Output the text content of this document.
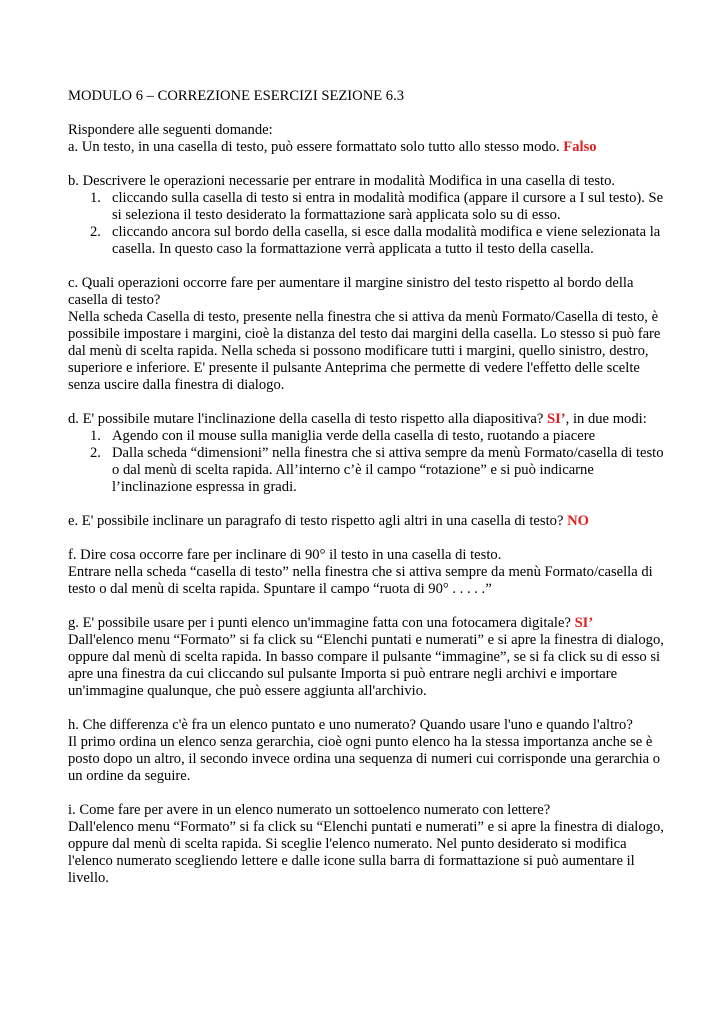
MODULO 6 – CORREZIONE ESERCIZI SEZIONE 6.3

Rispondere alle seguenti domande:

a. Un testo, in una casella di testo, può essere formattato solo tutto allo stesso modo. Falso

b. Descrivere le operazioni necessarie per entrare in modalità Modifica in una casella di testo.

1. cliccando sulla casella di testo si entra in modalità modifica (appare il cursore a I sul testo). Se si seleziona il testo desiderato la formattazione sarà applicata solo su di esso.
2. cliccando ancora sul bordo della casella, si esce dalla modalità modifica e viene selezionata la casella. In questo caso la formattazione verrà applicata a tutto il testo della casella.

c. Quali operazioni occorre fare per aumentare il margine sinistro del testo rispetto al bordo della casella di testo?

Nella scheda Casella di testo, presente nella finestra che si attiva da menù Formato/Casella di testo, è possibile impostare i margini, cioè la distanza del testo dai margini della casella. Lo stesso si può fare dal menù di scelta rapida. Nella scheda si possono modificare tutti i margini, quello sinistro, destro, superiore e inferiore. E' presente il pulsante Anteprima che permette di vedere l'effetto delle scelte senza uscire dalla finestra di dialogo.

d. E' possibile mutare l'inclinazione della casella di testo rispetto alla diapositiva? SI’, in due modi:

1. Agendo con il mouse sulla maniglia verde della casella di testo, ruotando a piacere
2. Dalla scheda “dimensioni” nella finestra che si attiva sempre da menù Formato/casella di testo o dal menù di scelta rapida. All’interno c’è il campo “rotazione” e si può indicarne l’inclinazione espressa in gradi.

e. E' possibile inclinare un paragrafo di testo rispetto agli altri in una casella di testo? NO

f. Dire cosa occorre fare per inclinare di 90° il testo in una casella di testo.

Entrare nella scheda “casella di testo” nella finestra che si attiva sempre da menù Formato/casella di testo o dal menù di scelta rapida. Spuntare il campo “ruota di 90° . . . . .”

g. E' possibile usare per i punti elenco un'immagine fatta con una fotocamera digitale? SI’

Dall'elenco menu “Formato” si fa click su “Elenchi puntati e numerati” e si apre la finestra di dialogo, oppure dal menù di scelta rapida. In basso compare il pulsante “immagine”, se si fa click su di esso si apre una finestra da cui cliccando sul pulsante Importa si può entrare negli archivi e importare un'immagine qualunque, che può essere aggiunta all'archivio.

h. Che differenza c'è fra un elenco puntato e uno numerato? Quando usare l'uno e quando l'altro?

Il primo ordina un elenco senza gerarchia, cioè ogni punto elenco ha la stessa importanza anche se è posto dopo un altro, il secondo invece ordina una sequenza di numeri cui corrisponde una gerarchia o un ordine da seguire.

i. Come fare per avere in un elenco numerato un sottoelenco numerato con lettere?

Dall'elenco menu “Formato” si fa click su “Elenchi puntati e numerati” e si apre la finestra di dialogo, oppure dal menù di scelta rapida. Si sceglie l'elenco numerato. Nel punto desiderato si modifica l'elenco numerato scegliendo lettere e dalle icone sulla barra di formattazione si può aumentare il livello.
